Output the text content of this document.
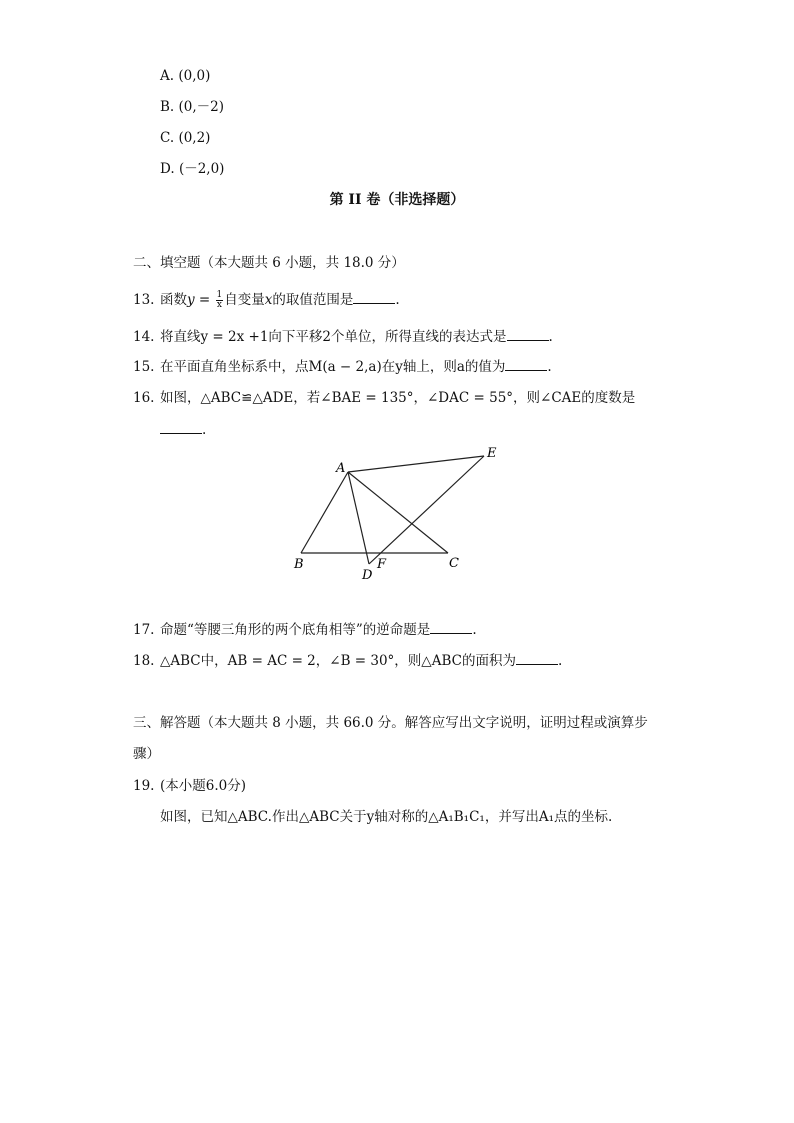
A. (0,0)
B. (0,－2)
C. (0,2)
D. (－2,0)
第 II 卷（非选择题）
二、填空题（本大题共 6 小题，共 18.0 分）
13. 函数$y = \frac{1}{x}$ 自变量x的取值范围是	.
14. 将直线y = 2x +1向下平移2个单位，所得直线的表达式是	.
15. 在平面直角坐标系中，点M(a − 2,a)在y轴上，则a的值为	.
16. 如图，△ABC≌△ADE，若∠BAE = 135°，∠DAC = 55°，则∠CAE的度数是
.
A
B	C
D
E
F
17. 命题“等腰三角形的两个底角相等”的逆命题是	.
18. △ABC中，AB = AC = 2，∠B = 30°，则△ABC的面积为	.
三、解答题（本大题共 8 小题，共 66.0 分。解答应写出文字说明，证明过程或演算步
骤）
19. (本小题6.0分)
如图，已知△ABC.作出△ABC关于y轴对称的△A₁B₁C₁，并写出A₁点的坐标.
